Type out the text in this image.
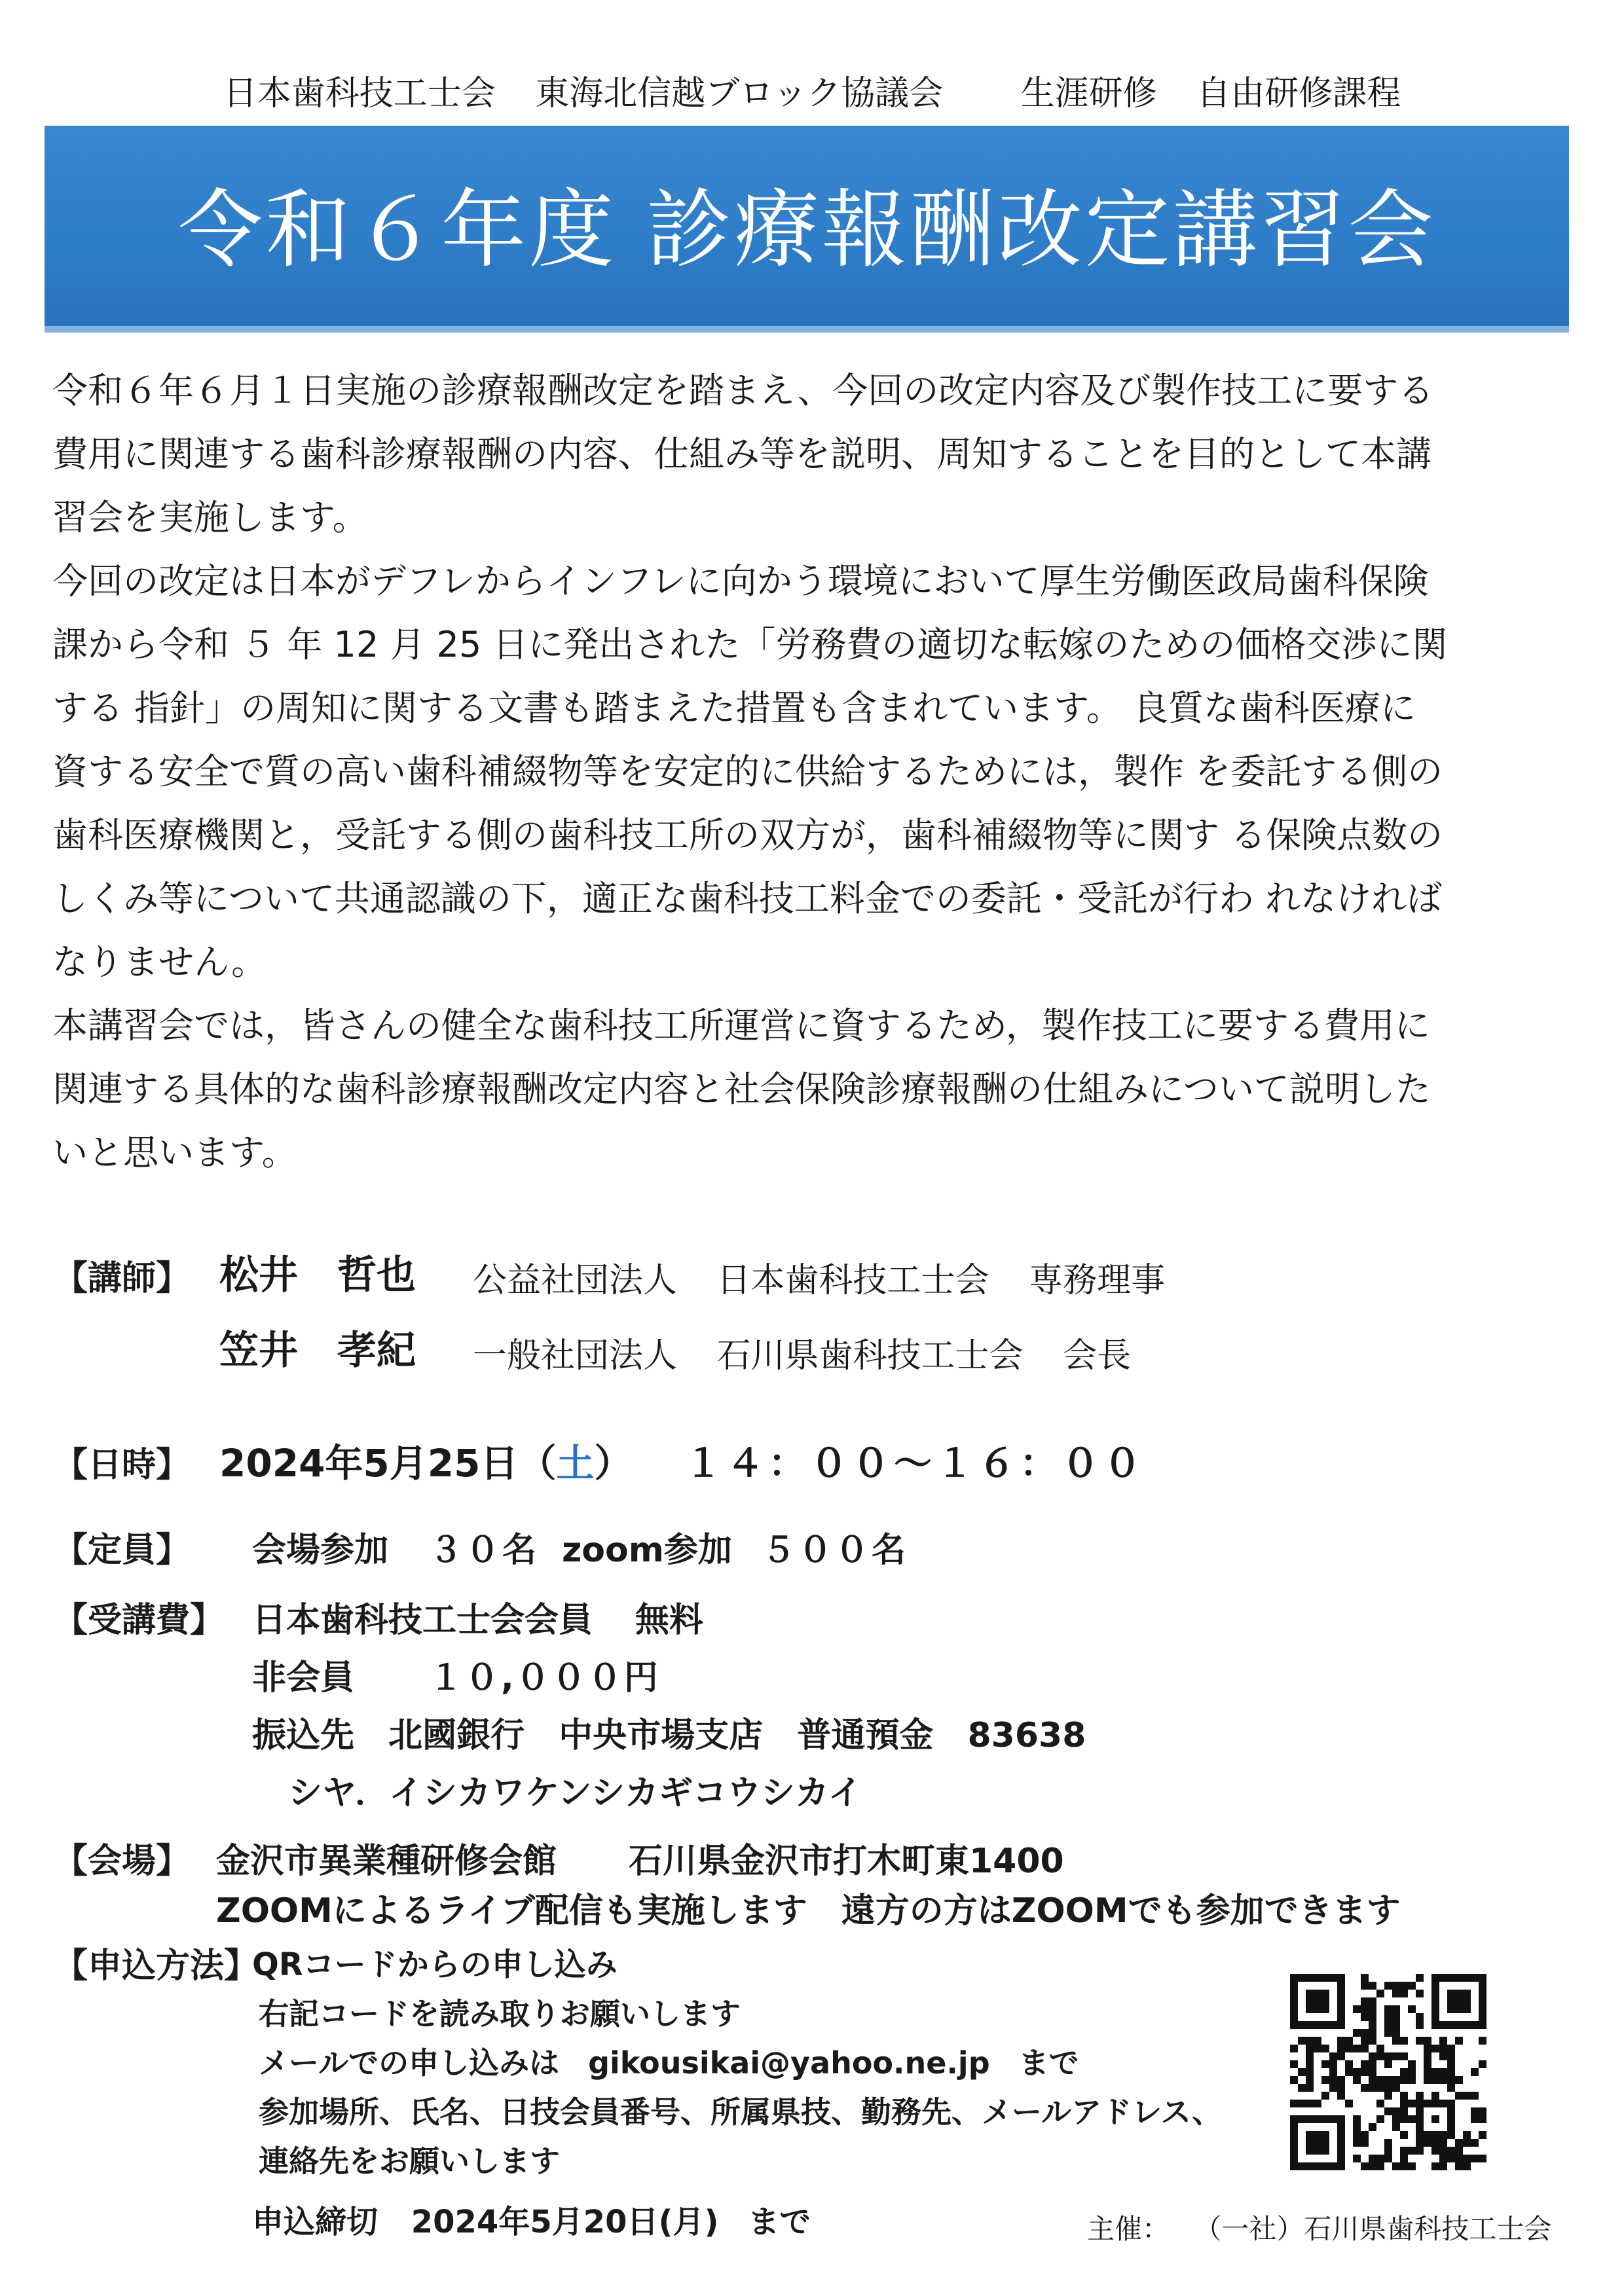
日本歯科技工士会 東海北信越ブロック協議会 生涯研修 自由研修課程
令和６年度 診療報酬改定講習会

令和６年６月１日実施の診療報酬改定を踏まえ、今回の改定内容及び製作技工に要する

費用に関連する歯科診療報酬の内容、仕組み等を説明、周知することを目的として本講

習会を実施します。

今回の改定は日本がデフレからインフレに向かう環境において厚生労働医政局歯科保険

課から令和 ５ 年 12 月 25 日に発出された「労務費の適切な転嫁のための価格交渉に関

する 指針」の周知に関する文書も踏まえた措置も含まれています。 良質な歯科医療に

資する安全で質の高い歯科補綴物等を安定的に供給するためには，製作 を委託する側の

歯科医療機関と，受託する側の歯科技工所の双方が，歯科補綴物等に関す る保険点数の

しくみ等について共通認識の下，適正な歯科技工料金での委託・受託が行わ れなければ

なりません。

本講習会では，皆さんの健全な歯科技工所運営に資するため，製作技工に要する費用に

関連する具体的な歯科診療報酬改定内容と社会保険診療報酬の仕組みについて説明した

いと思います。

【講師】 松井　哲也 公益社団法人 日本歯科技工士会 専務理事
笠井　孝紀 一般社団法人 石川県歯科技工士会 会長
【日時】 2024年5月25日（土） １４：００〜１６：００
【定員】 会場参加 ３０名 zoom参加 ５００名
【受講費】 日本歯科技工士会会員 無料
非会員 １０,０００円
振込先 北國銀行 中央市場支店 普通預金 83638
シヤ．イシカワケンシカギコウシカイ
【会場】 金沢市異業種研修会館 石川県金沢市打木町東1400
ZOOMによるライブ配信も実施します　遠方の方はZOOMでも参加できます
【申込方法】
QRコードからの申し込み
右記コードを読み取りお願いします
メールでの申し込みは gikousikai@yahoo.ne.jp まで
参加場所、氏名、日技会員番号、所属県技、勤務先、メールアドレス、
連絡先をお願いします
申込締切 2024年5月20日(月) まで	主催： （一社）石川県歯科技工士会
